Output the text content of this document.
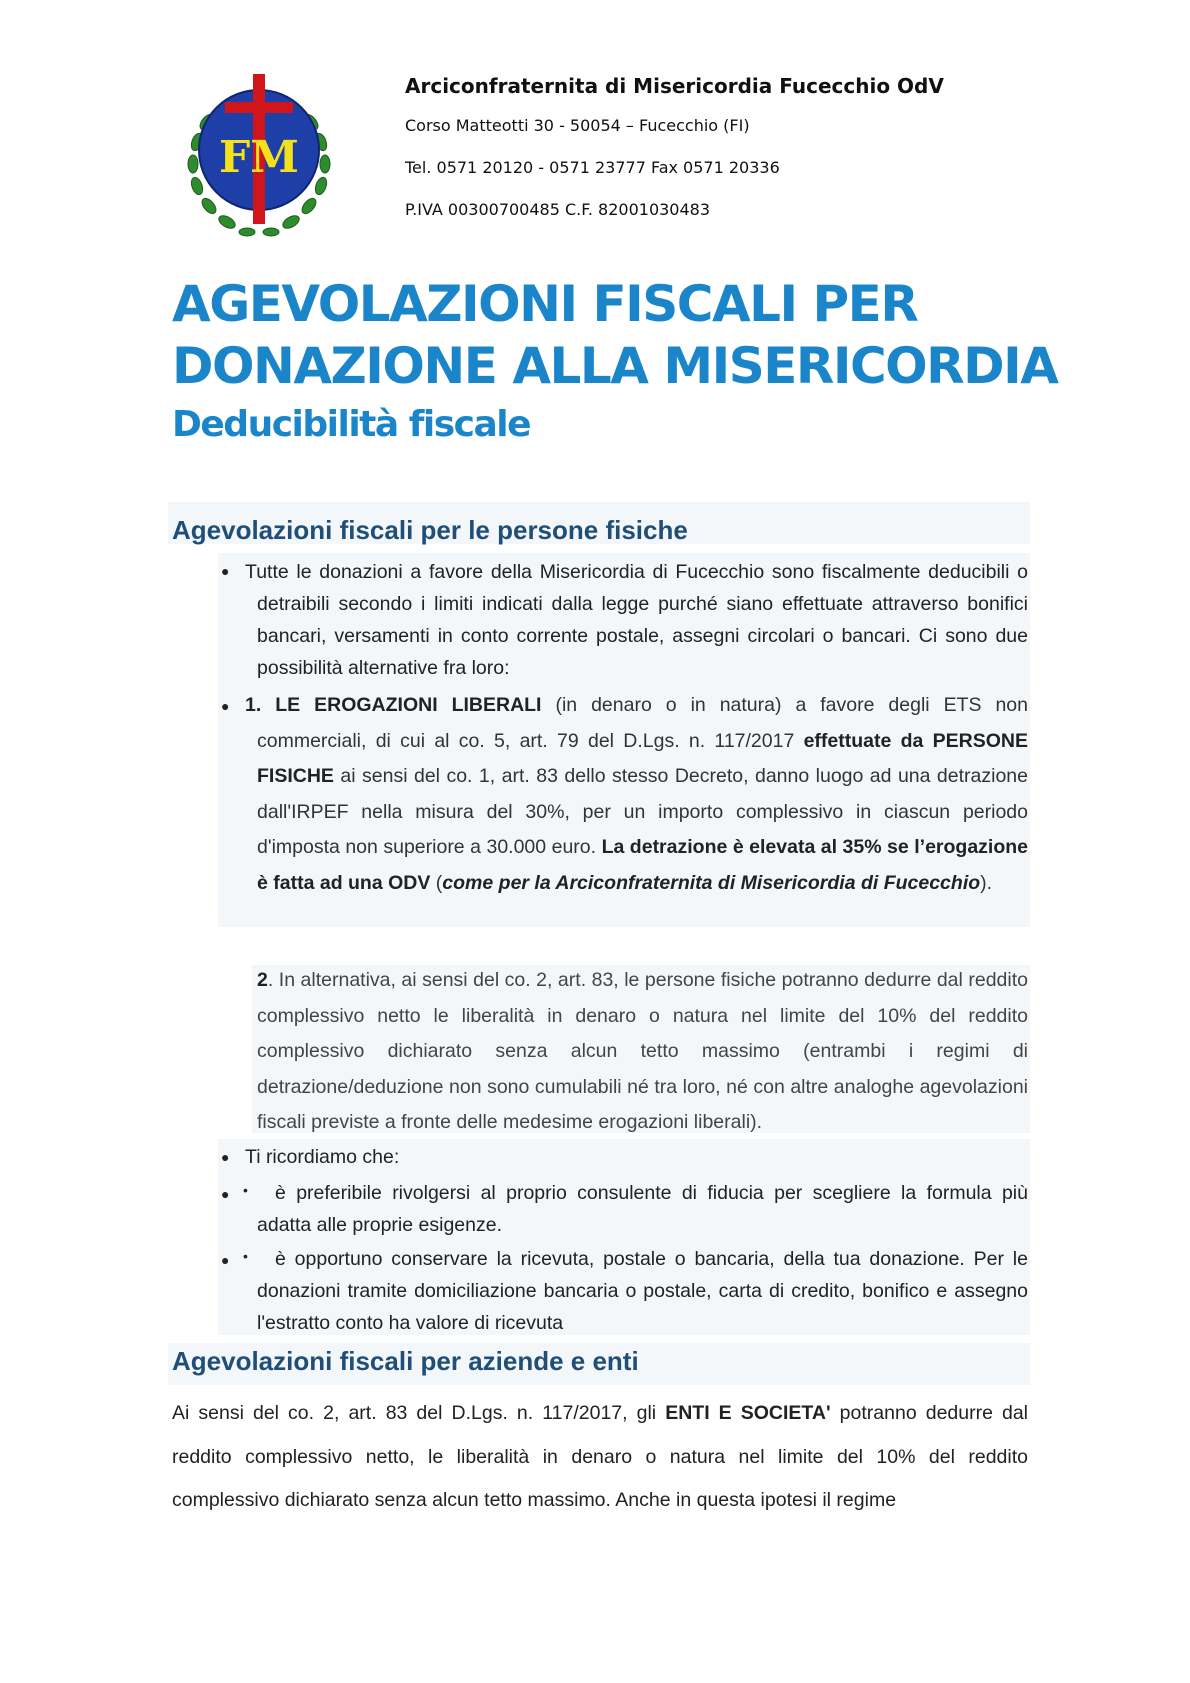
FM
Arciconfraternita di Misericordia Fucecchio OdV
Corso Matteotti 30 - 50054 – Fucecchio (FI)
Tel. 0571 20120 - 0571 23777 Fax 0571 20336
P.IVA 00300700485 C.F. 82001030483
AGEVOLAZIONI FISCALI PER
DONAZIONE ALLA MISERICORDIA
Deducibilità fiscale
Agevolazioni fiscali per le persone fisiche
● Tutte le donazioni a favore della Misericordia di Fucecchio sono fiscalmente deducibili o detraibili secondo i limiti indicati dalla legge purché siano effettuate attraverso bonifici bancari, versamenti in conto corrente postale, assegni circolari o bancari. Ci sono due possibilità alternative fra loro:
● 1. LE EROGAZIONI LIBERALI (in denaro o in natura) a favore degli ETS non commerciali, di cui al co. 5, art. 79 del D.Lgs. n. 117/2017 effettuate da PERSONE FISICHE ai sensi del co. 1, art. 83 dello stesso Decreto, danno luogo ad una detrazione dall'IRPEF nella misura del 30%, per un importo complessivo in ciascun periodo d'imposta non superiore a 30.000 euro. La detrazione è elevata al 35% se l’erogazione è fatta ad una ODV (come per la Arciconfraternita di Misericordia di Fucecchio).
2. In alternativa, ai sensi del co. 2, art. 83, le persone fisiche potranno dedurre dal reddito complessivo netto le liberalità in denaro o natura nel limite del 10% del reddito complessivo dichiarato senza alcun tetto massimo (entrambi i regimi di detrazione/deduzione non sono cumulabili né tra loro, né con altre analoghe agevolazioni fiscali previste a fronte delle medesime erogazioni liberali).
● Ti ricordiamo che:
● •	è preferibile rivolgersi al proprio consulente di fiducia per scegliere la formula più adatta alle proprie esigenze.
● •	è opportuno conservare la ricevuta, postale o bancaria, della tua donazione. Per le donazioni tramite domiciliazione bancaria o postale, carta di credito, bonifico e assegno l'estratto conto ha valore di ricevuta
Agevolazioni fiscali per aziende e enti
Ai sensi del co. 2, art. 83 del D.Lgs. n. 117/2017, gli ENTI E SOCIETA' potranno dedurre dal reddito complessivo netto, le liberalità in denaro o natura nel limite del 10% del reddito complessivo dichiarato senza alcun tetto massimo. Anche in questa ipotesi il regime
